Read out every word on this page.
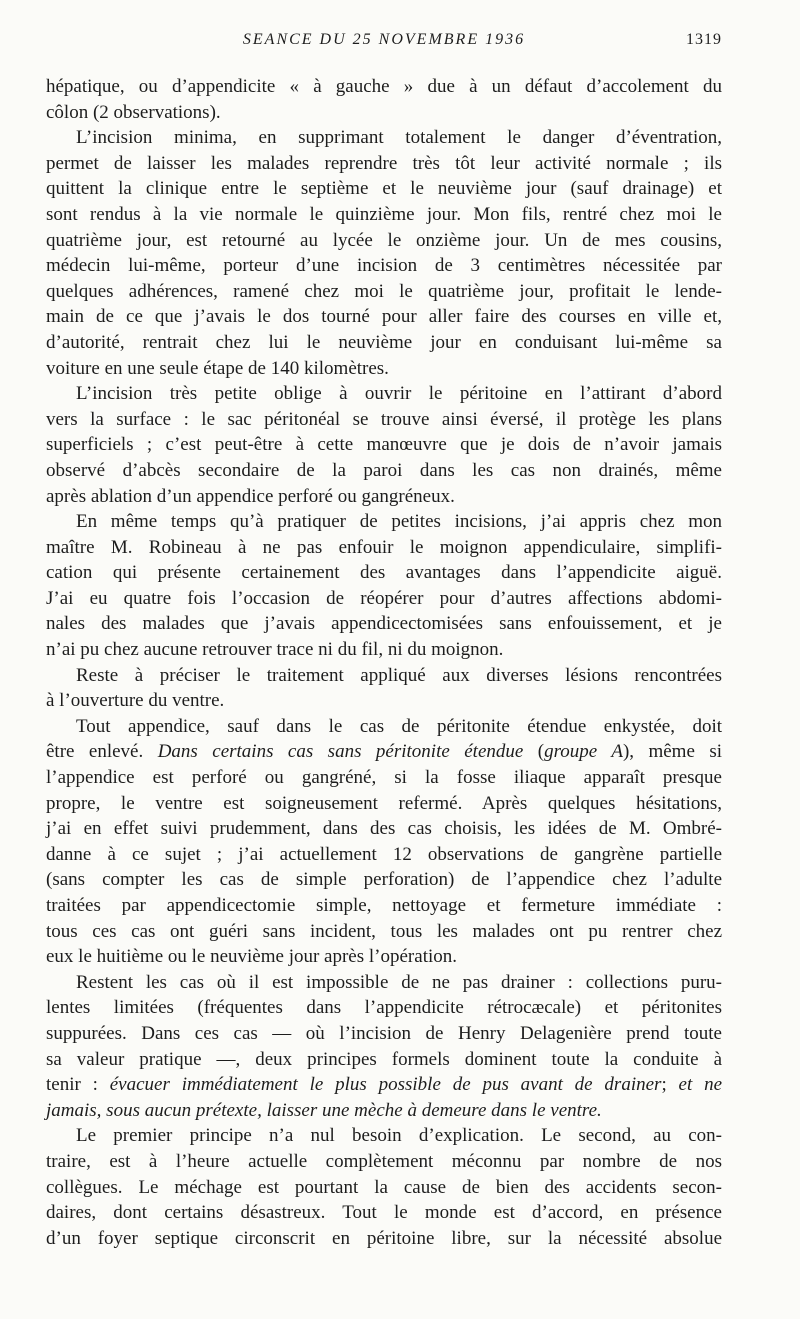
SEANCE DU 25 NOVEMBRE 1936	1319
hépatique, ou d’appendicite « à gauche » due à un défaut d’accolement du
côlon (2 observations).
L’incision minima, en supprimant totalement le danger d’éventration,
permet de laisser les malades reprendre très tôt leur activité normale ; ils
quittent la clinique entre le septième et le neuvième jour (sauf drainage) et
sont rendus à la vie normale le quinzième jour. Mon fils, rentré chez moi le
quatrième jour, est retourné au lycée le onzième jour. Un de mes cousins,
médecin lui-même, porteur d’une incision de 3 centimètres nécessitée par
quelques adhérences, ramené chez moi le quatrième jour, profitait le lende-
main de ce que j’avais le dos tourné pour aller faire des courses en ville et,
d’autorité, rentrait chez lui le neuvième jour en conduisant lui-même sa
voiture en une seule étape de 140 kilomètres.
L’incision très petite oblige à ouvrir le péritoine en l’attirant d’abord
vers la surface : le sac péritonéal se trouve ainsi éversé, il protège les plans
superficiels ; c’est peut-être à cette manœuvre que je dois de n’avoir jamais
observé d’abcès secondaire de la paroi dans les cas non drainés, même
après ablation d’un appendice perforé ou gangréneux.
En même temps qu’à pratiquer de petites incisions, j’ai appris chez mon
maître M. Robineau à ne pas enfouir le moignon appendiculaire, simplifi-
cation qui présente certainement des avantages dans l’appendicite aiguë.
J’ai eu quatre fois l’occasion de réopérer pour d’autres affections abdomi-
nales des malades que j’avais appendicectomisées sans enfouissement, et je
n’ai pu chez aucune retrouver trace ni du fil, ni du moignon.
Reste à préciser le traitement appliqué aux diverses lésions rencontrées
à l’ouverture du ventre.
Tout appendice, sauf dans le cas de péritonite étendue enkystée, doit
être enlevé. Dans certains cas sans péritonite étendue (groupe A), même si
l’appendice est perforé ou gangréné, si la fosse iliaque apparaît presque
propre, le ventre est soigneusement refermé. Après quelques hésitations,
j’ai en effet suivi prudemment, dans des cas choisis, les idées de M. Ombré-
danne à ce sujet ; j’ai actuellement 12 observations de gangrène partielle
(sans compter les cas de simple perforation) de l’appendice chez l’adulte
traitées par appendicectomie simple, nettoyage et fermeture immédiate :
tous ces cas ont guéri sans incident, tous les malades ont pu rentrer chez
eux le huitième ou le neuvième jour après l’opération.
Restent les cas où il est impossible de ne pas drainer : collections puru-
lentes limitées (fréquentes dans l’appendicite rétrocæcale) et péritonites
suppurées. Dans ces cas — où l’incision de Henry Delagenière prend toute
sa valeur pratique —, deux principes formels dominent toute la conduite à
tenir : évacuer immédiatement le plus possible de pus avant de drainer; et ne
jamais, sous aucun prétexte, laisser une mèche à demeure dans le ventre.
Le premier principe n’a nul besoin d’explication. Le second, au con-
traire, est à l’heure actuelle complètement méconnu par nombre de nos
collègues. Le méchage est pourtant la cause de bien des accidents secon-
daires, dont certains désastreux. Tout le monde est d’accord, en présence
d’un foyer septique circonscrit en péritoine libre, sur la nécessité absolue
